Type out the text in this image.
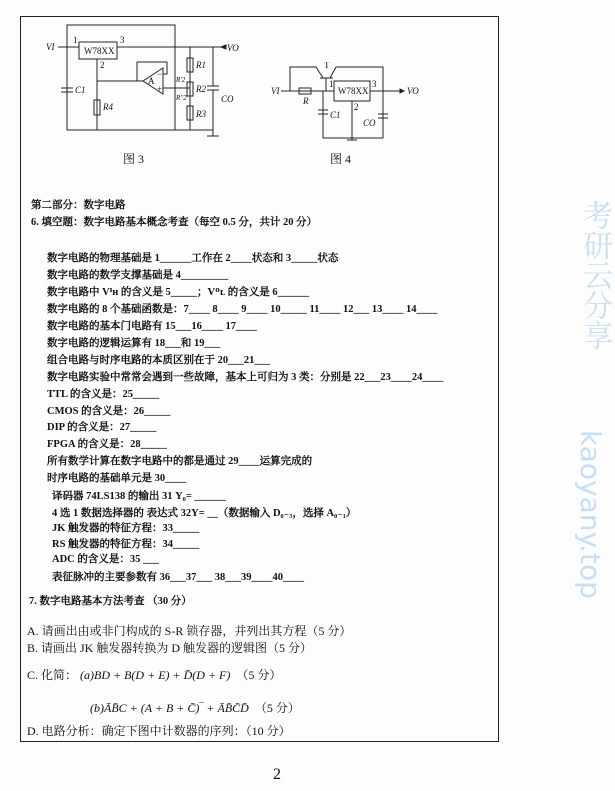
W78XX
1	3
2
VI	VO
C1
R4
A
−
+
R1
R2
R'2
R''2
R3
CO
图 3
VI	VO
T
R
W78XX
1	3
2
C1
CO
图 4
考研云分享
kaoyany.top
第二部分：数字电路
6. 填空题：数字电路基本概念考查（每空 0.5 分，共计 20 分）
数字电路的物理基础是 1______工作在 2____状态和 3_____状态
数字电路的数学支撑基础是 4_________
数字电路中 Vᴵʜ 的含义是 5_____；Vᴼʟ 的含义是 6______
数字电路的 8 个基础函数是：7____ 8____ 9____ 10_____ 11____ 12___ 13____ 14____
数字电路的基本门电路有 15___16____ 17____
数字电路的逻辑运算有 18___和 19___
组合电路与时序电路的本质区别在于 20___21___
数字电路实验中常常会遇到一些故障，基本上可归为 3 类：分别是 22___23____24____
TTL 的含义是：25_____
CMOS 的含义是：26_____
DIP 的含义是：27_____
FPGA 的含义是：28_____
所有数学计算在数字电路中的都是通过 29____运算完成的
时序电路的基础单元是 30____
译码器 74LS138 的输出 31 Y₀= ______
4 选 1 数据选择器的 表达式 32Y= __（数据输入 D₀₋₃，选择 A₀₋₁）
JK 触发器的特征方程：33_____
RS 触发器的特征方程：34_____
ADC 的含义是：35 ___
表征脉冲的主要参数有 36___37___ 38___39____40____
7. 数字电路基本方法考查 （30 分）
A. 请画出由或非门构成的 S-R 锁存器，并列出其方程（5 分）
B. 请画出 JK 触发器转换为 D 触发器的逻辑图（5 分）
C. 化简： (a)BD + B(D + E) + D̄(D + F) （5 分）
(b)ĀB̄C + (A + B + C̄)‾ + ĀB̄C̄D̄ （5 分）
D. 电路分析：确定下图中计数器的序列：（10 分）
2
